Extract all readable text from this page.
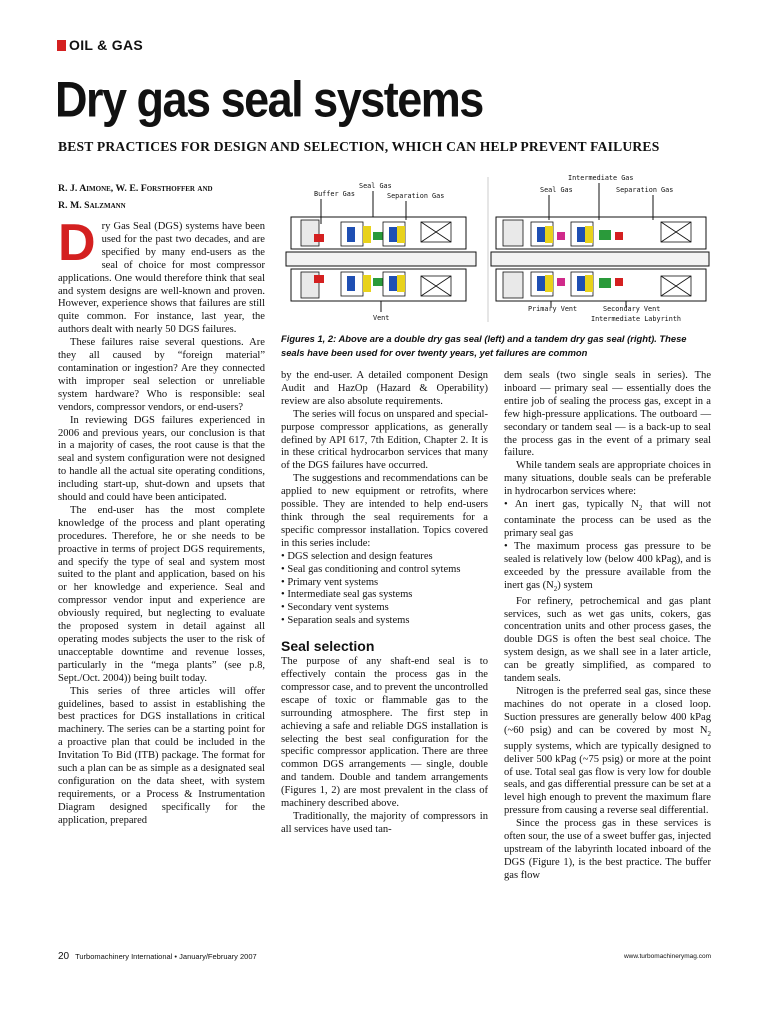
OIL & GAS
Dry gas seal systems
BEST PRACTICES FOR DESIGN AND SELECTION, WHICH CAN HELP PREVENT FAILURES
R. J. Aimone, W. E. Forsthoffer and
R. M. Salzmann
Seal Gas
Buffer Gas	Separation Gas
Vent
Intermediate Gas
Seal Gas	Separation Gas
Primary Vent	Secondary Vent
Intermediate Labyrinth
Figures 1, 2: Above are a double dry gas seal (left) and a tandem dry gas seal (right). These seals have been used for over twenty years, yet failures are common

Dry Gas Seal (DGS) systems have been used for the past two decades, and are specified by many end-users as the seal of choice for most compressor applications. One would therefore think that seal and system designs are well-known and proven. However, experience shows that failures are still quite common. For instance, last year, the authors dealt with nearly 50 DGS failures.

These failures raise several questions. Are they all caused by “foreign material” contamination or ingestion? Are they connected with improper seal selection or unreliable system hardware? Who is responsible: seal vendors, compressor vendors, or end-users?

In reviewing DGS failures experienced in 2006 and previous years, our conclusion is that in a majority of cases, the root cause is that the seal and system configuration were not designed to handle all the actual site operating conditions, including start-up, shut-down and upsets that should and could have been anticipated.

The end-user has the most complete knowledge of the process and plant operating procedures. Therefore, he or she needs to be proactive in terms of project DGS requirements, and specify the type of seal and system most suited to the plant and application, based on his or her knowledge and experience. Seal and compressor vendor input and experience are obviously required, but neglecting to evaluate the proposed system in detail against all operating modes subjects the user to the risk of unacceptable downtime and revenue losses, particularly in the “mega plants” (see p.8, Sept./Oct. 2004)) being built today.

This series of three articles will offer guidelines, based to assist in establishing the best practices for DGS installations in critical machinery. The series can be a starting point for a proactive plan that could be included in the Invitation To Bid (ITB) package. The format for such a plan can be as simple as a designated seal configuration on the data sheet, with system requirements, or a Process & Instrumentation Diagram designed specifically for the application, prepared

by the end-user. A detailed component Design Audit and HazOp (Hazard & Operability) review are also absolute requirements.

The series will focus on unspared and special-purpose compressor applications, as generally defined by API 617, 7th Edition, Chapter 2. It is in these critical hydrocarbon services that many of the DGS failures have occurred.

The suggestions and recommendations can be applied to new equipment or retrofits, where possible. They are intended to help end-users think through the seal requirements for a specific compressor installation. Topics covered in this series include:

• DGS selection and design features

• Seal gas conditioning and control sytems

• Primary vent systems

• Intermediate seal gas systems

• Secondary vent systems

• Separation seals and systems

Seal selection

The purpose of any shaft-end seal is to effectively contain the process gas in the compressor case, and to prevent the uncontrolled escape of toxic or flammable gas to the surrounding atmosphere. The first step in achieving a safe and reliable DGS installation is selecting the best seal configuration for the specific compressor application. There are three common DGS arrangements — single, double and tandem. Double and tandem arrangements (Figures 1, 2) are most prevalent in the class of machinery described above.

Traditionally, the majority of compressors in all services have used tan-

dem seals (two single seals in series). The inboard — primary seal — essentially does the entire job of sealing the process gas, except in a few high-pressure applications. The outboard — secondary or tandem seal — is a back-up to seal the process gas in the event of a primary seal failure.

While tandem seals are appropriate choices in many situations, double seals can be preferable in hydrocarbon services where:

• An inert gas, typically $N_2$ that will not contaminate the process can be used as the primary seal gas

• The maximum process gas pressure to be sealed is relatively low (below 400 kPag), and is exceeded by the pressure available from the inert gas $(N_2)$ system

For refinery, petrochemical and gas plant services, such as wet gas units, cokers, gas concentration units and other process gases, the double DGS is often the best seal choice. The system design, as we shall see in a later article, can be greatly simplified, as compared to tandem seals.

Nitrogen is the preferred seal gas, since these machines do not operate in a closed loop. Suction pressures are generally below 400 kPag (~60 psig) and can be covered by most $N_2$ supply systems, which are typically designed to deliver 500 kPag (~75 psig) or more at the point of use. Total seal gas flow is very low for double seals, and gas differential pressure can be set at a level high enough to prevent the maximum flare pressure from causing a reverse seal differential.

Since the process gas in these services is often sour, the use of a sweet buffer gas, injected upstream of the labyrinth located inboard of the DGS (Figure 1), is the best practice. The buffer gas flow

20 Turbomachinery International • January/February 2007	www.turbomachinerymag.com
